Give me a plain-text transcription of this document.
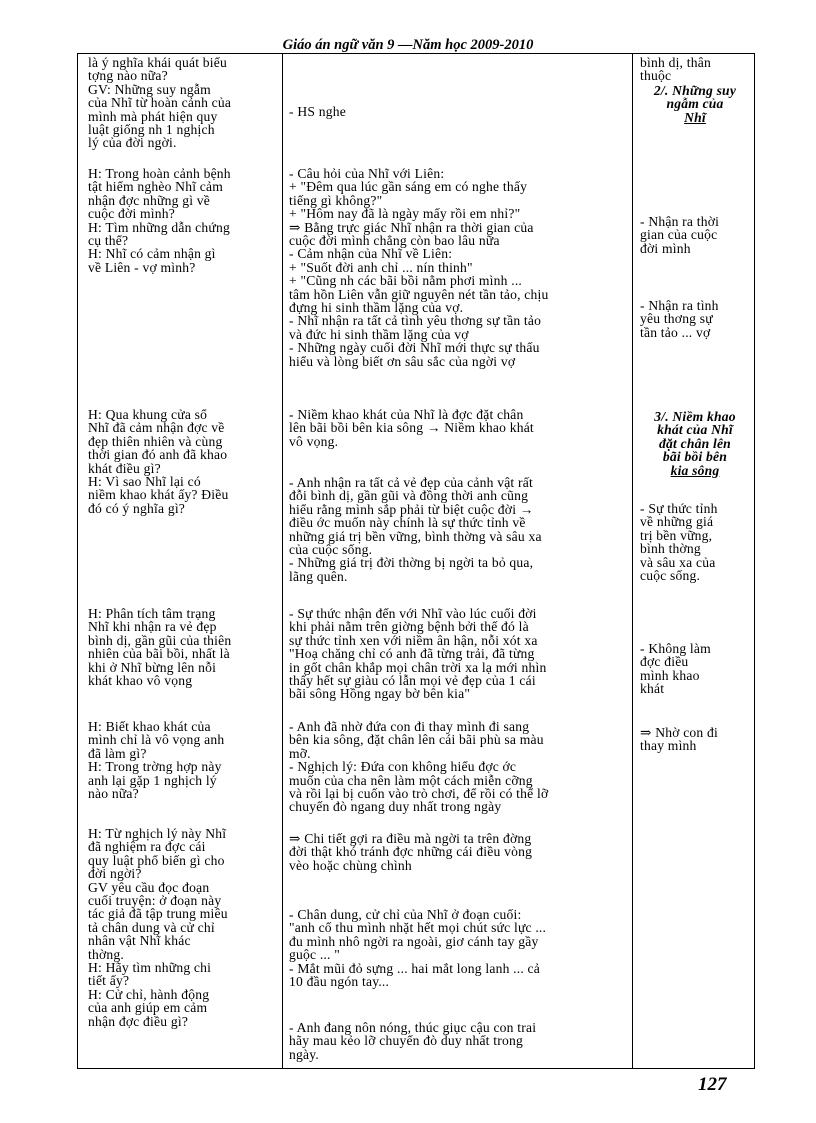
Giáo án ngữ văn 9 —Năm học 2009-2010

là ý nghĩa khái quát biểu

tợng nào nữa?

GV: Những suy ngẫm

của Nhĩ từ hoàn cảnh của

mình mà phát hiện quy

luật giống nh 1 nghịch

lý của đời ngời.

H: Trong hoàn cảnh bệnh

tật hiểm nghèo Nhĩ cảm

nhận đợc những gì về

cuộc đời mình?

H: Tìm những dẫn chứng

cụ thể?

H: Nhĩ có cảm nhận gì

về Liên - vợ mình?

H: Qua khung cửa sổ

Nhĩ đã cảm nhận đợc về

đẹp thiên nhiên và cùng

thời gian đó anh đã khao

khát điều gì?

H: Vì sao Nhĩ lại có

niềm khao khát ấy? Điều

đó có ý nghĩa gì?

H: Phân tích tâm trạng

Nhĩ khi nhận ra vẻ đẹp

bình dị, gần gũi của thiên

nhiên của bãi bồi, nhất là

khi ở Nhĩ bừng lên nỗi

khát khao vô vọng

H: Biết khao khát của

mình chỉ là vô vọng anh

đã làm gì?

H: Trong trờng hợp này

anh lại gặp 1 nghịch lý

nào nữa?

H: Từ nghịch lý này Nhĩ

đã nghiệm ra đợc cái

quy luật phổ biến gì cho

đời ngời?

GV yêu cầu đọc đoạn

cuối truyện: ở đoạn này

tác giả đã tập trung miêu

tả chân dung và cử chỉ

nhân vật Nhĩ khác

thờng.

H: Hãy tìm những chi

tiết ấy?

H: Cử chỉ, hành động

của anh giúp em cảm

nhận đợc điều gì?

- HS nghe

- Câu hỏi của Nhĩ với Liên:

+ "Đêm qua lúc gần sáng em có nghe thấy

tiếng gì không?"

+ "Hôm nay đã là ngày mấy rồi em nhỉ?"

⇒ Bằng trực giác Nhĩ nhận ra thời gian của

cuộc đời mình chẳng còn bao lâu nữa

- Cảm nhận của Nhĩ về Liên:

+ "Suốt đời anh chỉ ... nín thinh"

+ "Cũng nh các bãi bồi nằm phơi mình ...

tâm hồn Liên vẫn giữ nguyên nét tần tảo, chịu

đựng hi sinh thầm lặng của vợ.

- Nhĩ nhận ra tất cả tình yêu thơng sự tần tảo

và đức hi sinh thầm lặng của vợ

- Những ngày cuối đời Nhĩ mới thực sự thấu

hiểu và lòng biết ơn sâu sắc của ngời vợ

- Niềm khao khát của Nhĩ là đợc đặt chân

lên bãi bồi bên kia sông → Niềm khao khát

vô vọng.

- Anh nhận ra tất cả vẻ đẹp của cảnh vật rất

đỗi bình dị, gần gũi và đồng thời anh cũng

hiểu rằng mình sắp phải từ biệt cuộc đời →

điều ớc muốn này chính là sự thức tỉnh về

những giá trị bền vững, bình thờng và sâu xa

của cuộc sống.

- Những giá trị đời thờng bị ngời ta bỏ qua,

lãng quên.

- Sự thức nhận đến với Nhĩ vào lúc cuối đời

khi phải nằm trên giờng bệnh bởi thế đó là

sự thức tỉnh xen với niềm ân hận, nỗi xót xa

"Hoạ chăng chỉ có anh đã từng trải, đã từng

in gốt chân khắp mọi chân trời xa lạ mới nhìn

thấy hết sự giàu có lẫn mọi vẻ đẹp của 1 cái

bãi sông Hồng ngay bờ bên kia"

- Anh đã nhờ đứa con đi thay mình đi sang

bên kia sông, đặt chân lên cái bãi phù sa màu

mỡ.

- Nghịch lý: Đứa con không hiểu đợc ớc

muốn của cha nên làm một cách miễn cỡng

và rồi lại bị cuốn vào trò chơi, để rồi có thể lỡ

chuyến đò ngang duy nhất trong ngày

⇒ Chi tiết gợi ra điều mà ngời ta trên đờng

đời thật khó tránh đợc những cái điều vòng

vèo hoặc chùng chình

- Chân dung, cử chỉ của Nhĩ ở đoạn cuối:

"anh cố thu mình nhặt hết mọi chút sức lực ...

đu mình nhô ngời ra ngoài, giơ cánh tay gầy

guộc ... "

- Mắt mũi đỏ sựng ... hai mắt long lanh ... cả

10 đầu ngón tay...

- Anh đang nôn nóng, thúc giục cậu con trai

hãy mau kẻo lỡ chuyến đò duy nhất trong

ngày.

bình dị, thân

thuộc

2/. Những suy

ngẫm của

Nhĩ

- Nhận ra thời

gian của cuộc

đời mình

- Nhận ra tình

yêu thơng sự

tần tảo ... vợ

3/. Niềm khao

khát của Nhĩ

đặt chân lên

bãi bồi bên

kia sông

- Sự thức tỉnh

về những giá

trị bền vững,

bình thờng

và sâu xa của

cuộc sống.

- Không làm

đợc điều

mình khao

khát

⇒ Nhờ con đi

thay mình

127
